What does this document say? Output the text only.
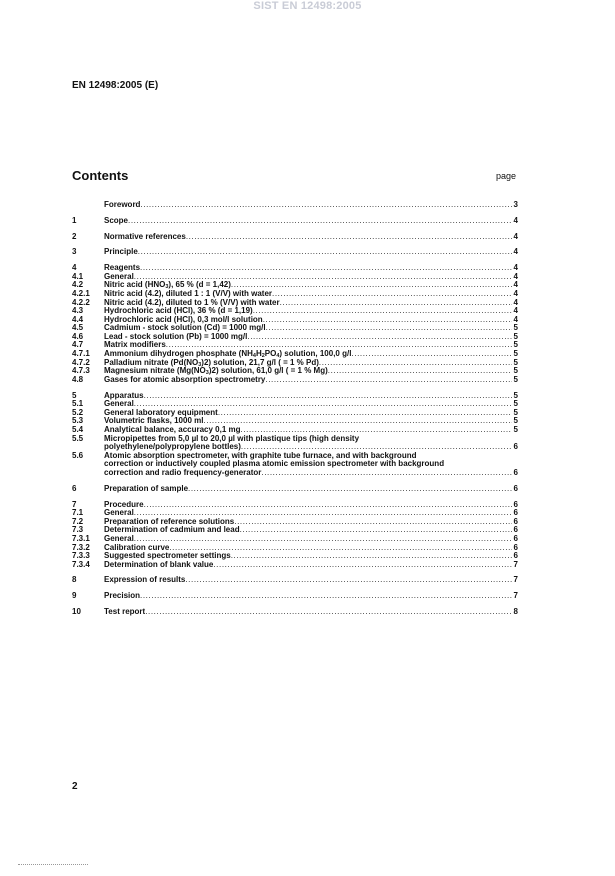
SIST EN 12498:2005
EN 12498:2005 (E)
Contents	page
Foreword .....	3
1	Scope .....	4
2	Normative references .....	4
3	Principle .....	4
4	Reagents .....	4
4.1	General .....	4
4.2	Nitric acid $(HNO_3)$, 65 % (d = 1,42) .....	4
4.2.1	Nitric acid (4.2), diluted 1 : 1 (V/V) with water .....	4
4.2.2	Nitric acid (4.2), diluted to 1 % (V/V) with water .....	4
4.3	Hydrochloric acid (HCl), 36 % (d = 1,19) .....	4
4.4	Hydrochloric acid (HCl), 0,3 mol/l solution .....	4
4.5	Cadmium - stock solution (Cd) = 1000 mg/l .....	5
4.6	Lead - stock solution (Pb) = 1000 mg/l .....	5
4.7	Matrix modifiers .....	5
4.7.1	Ammonium dihydrogen phosphate $(NH_4H_2PO_4)$ solution, 100,0 g/l .....	5
4.7.2	Palladium nitrate $(Pd(NO_3)2)$ solution, 21,7 g/l ( = 1 % Pd) .....	5
4.7.3	Magnesium nitrate $(Mg(NO_3)2)$ solution, 61,0 g/l ( = 1 % Mg) .....	5
4.8	Gases for atomic absorption spectrometry .....	5
5	Apparatus .....	5
5.1	General .....	5
5.2	General laboratory equipment .....	5
5.3	Volumetric flasks, 1000 ml .....	5
5.4	Analytical balance, accuracy 0,1 mg .....	5
5.5	Micropipettes from 5,0 µl to 20,0 µl with plastique tips (high density
polyethylene/polypropylene bottles) .....	6
5.6	Atomic absorption spectrometer, with graphite tube furnace, and with background
correction or inductively coupled plasma atomic emission spectrometer with background
correction and radio frequency-generator .....	6
6	Preparation of sample .....	6
7	Procedure .....	6
7.1	General .....	6
7.2	Preparation of reference solutions .....	6
7.3	Determination of cadmium and lead .....	6
7.3.1	General .....	6
7.3.2	Calibration curve .....	6
7.3.3	Suggested spectrometer settings .....	6
7.3.4	Determination of blank value .....	7
8	Expression of results .....	7
9	Precision .....	7
10	Test report .....	8
2
